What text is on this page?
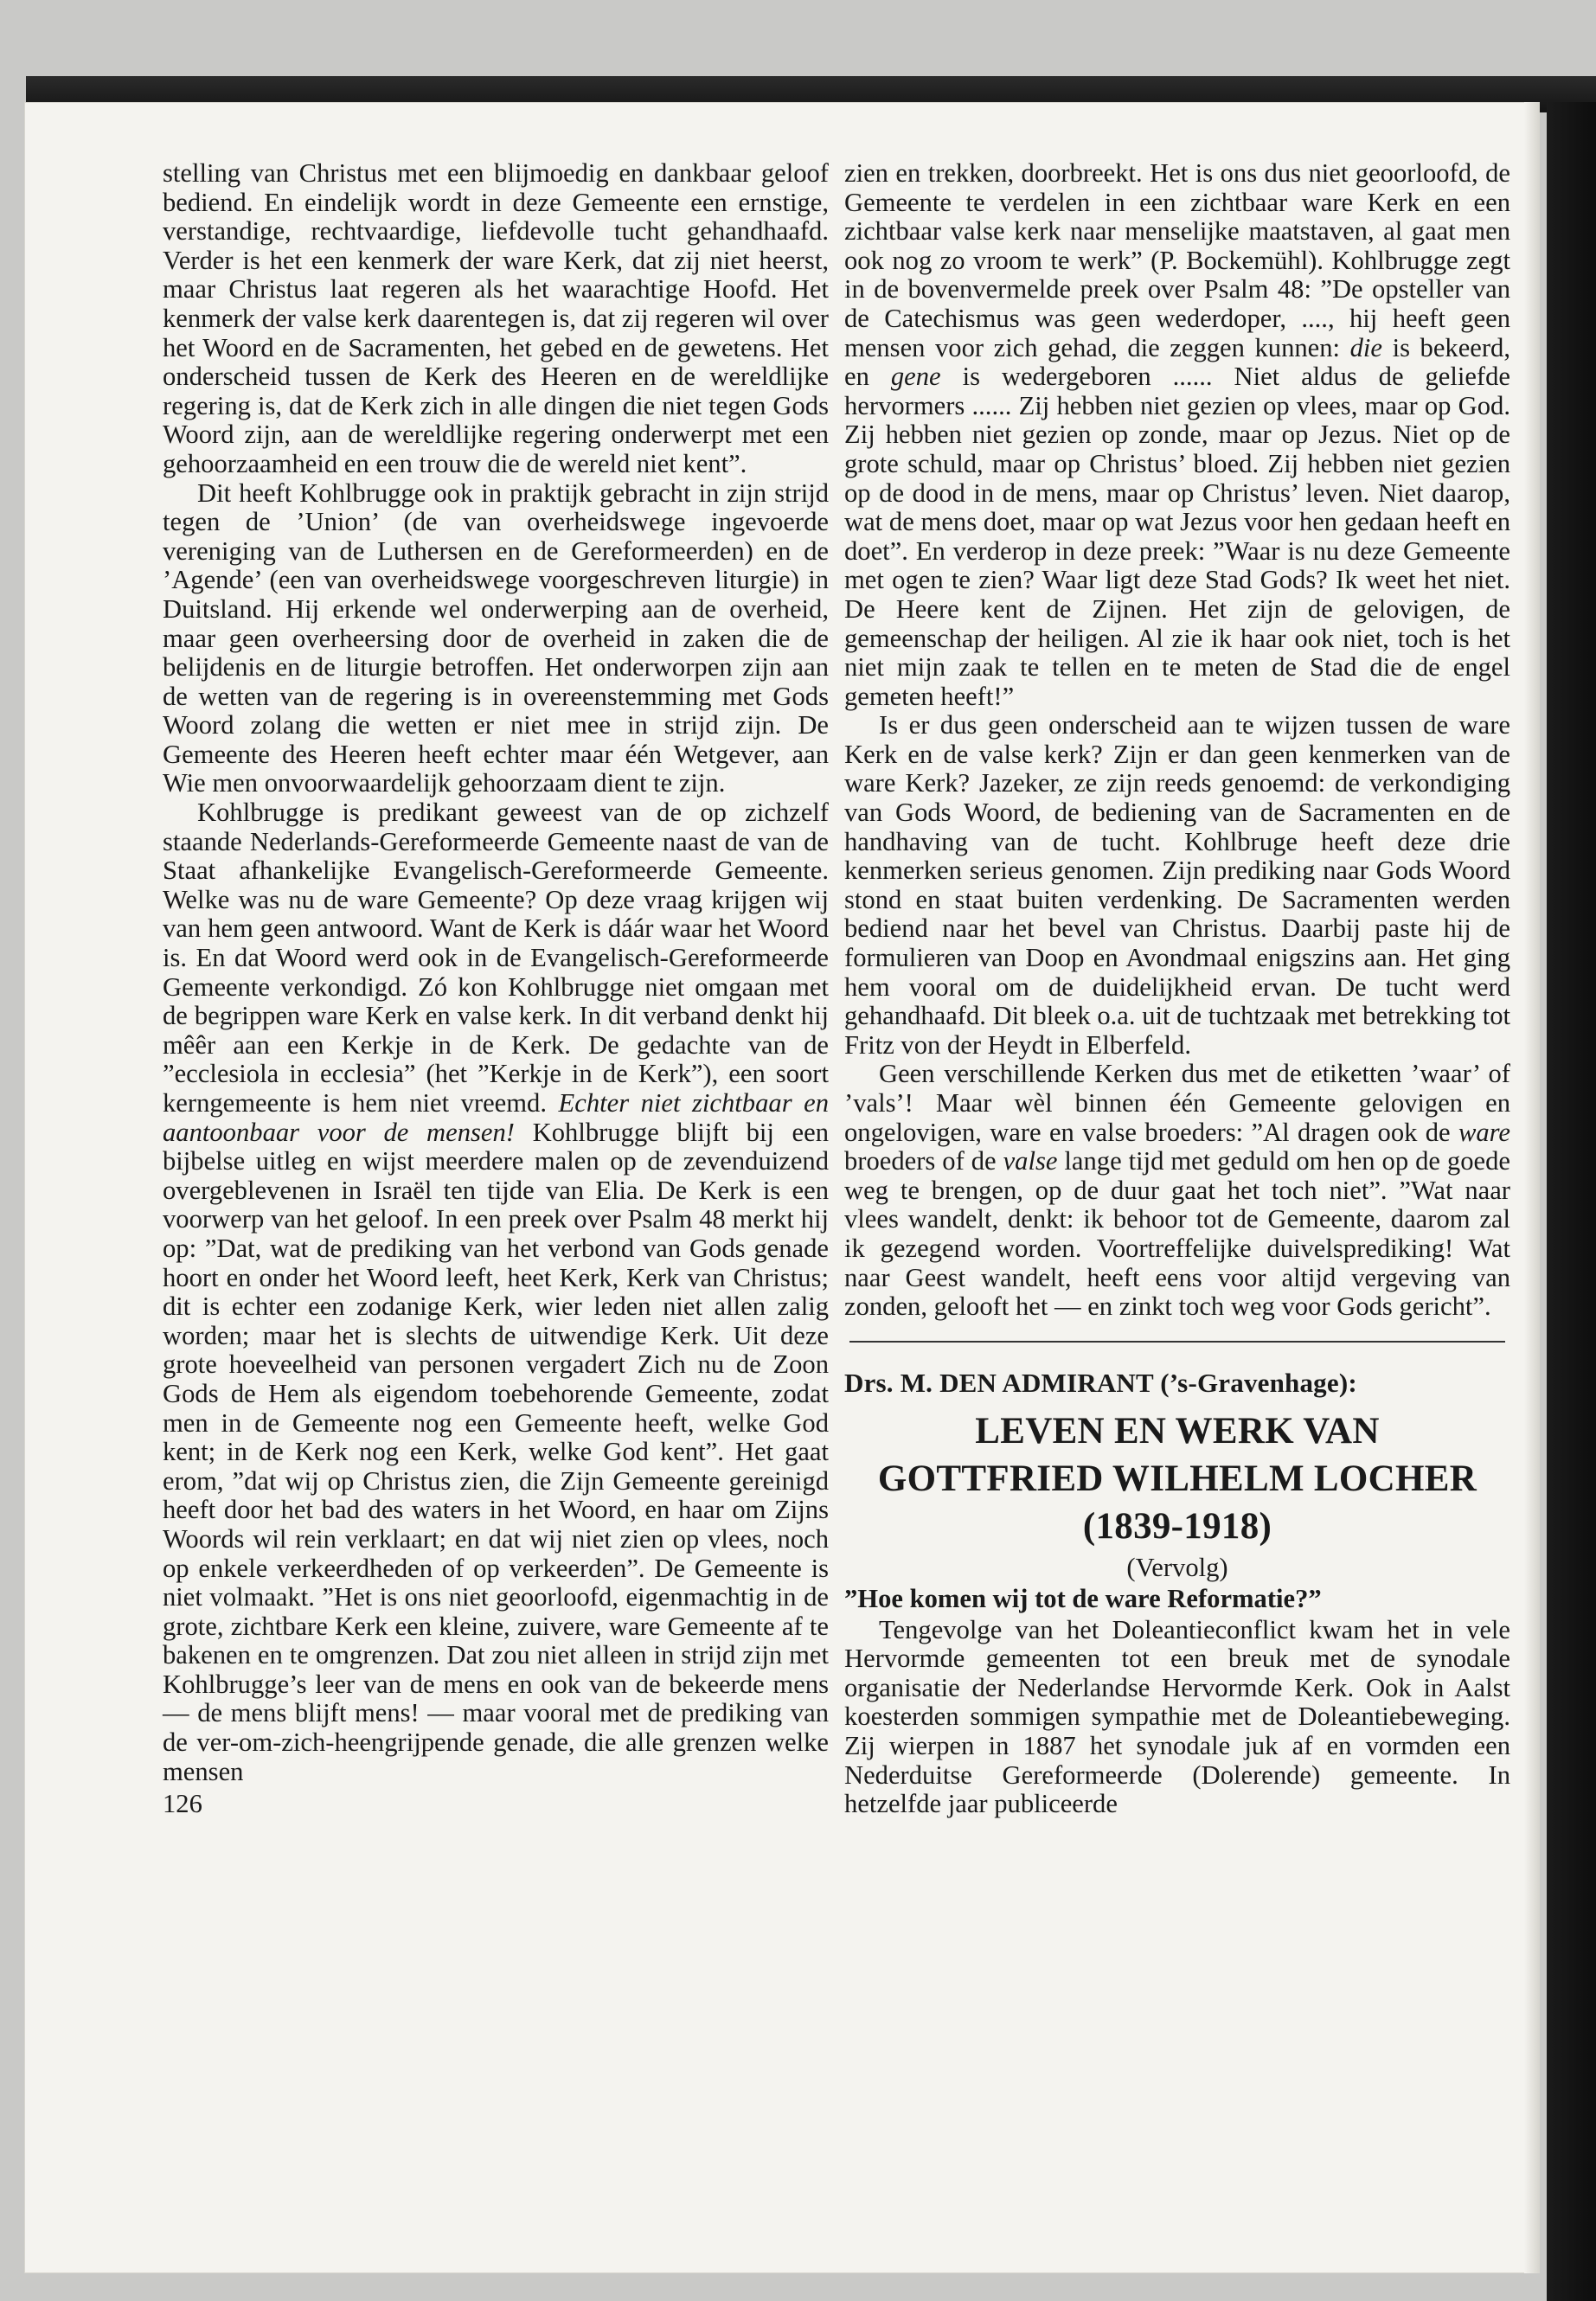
stelling van Christus met een blijmoedig en dankbaar geloof bediend. En eindelijk wordt in deze Gemeente een ernstige, verstandige, rechtvaardige, liefdevolle tucht gehandhaafd. Verder is het een kenmerk der ware Kerk, dat zij niet heerst, maar Christus laat regeren als het waarachtige Hoofd. Het kenmerk der valse kerk daarentegen is, dat zij regeren wil over het Woord en de Sacramenten, het gebed en de gewetens. Het onderscheid tussen de Kerk des Heeren en de wereldlijke regering is, dat de Kerk zich in alle dingen die niet tegen Gods Woord zijn, aan de wereldlijke regering onderwerpt met een gehoorzaamheid en een trouw die de wereld niet kent”.

Dit heeft Kohlbrugge ook in praktijk gebracht in zijn strijd tegen de ’Union’ (de van overheidswege ingevoerde vereniging van de Luthersen en de Gereformeerden) en de ’Agende’ (een van overheidswege voorgeschreven liturgie) in Duitsland. Hij erkende wel onderwerping aan de overheid, maar geen overheersing door de overheid in zaken die de belijdenis en de liturgie betroffen. Het onderworpen zijn aan de wetten van de regering is in overeenstemming met Gods Woord zolang die wetten er niet mee in strijd zijn. De Gemeente des Heeren heeft echter maar één Wetgever, aan Wie men onvoorwaardelijk gehoorzaam dient te zijn.

Kohlbrugge is predikant geweest van de op zichzelf staande Nederlands-Gereformeerde Gemeente naast de van de Staat afhankelijke Evangelisch-Gereformeerde Gemeente. Welke was nu de ware Gemeente? Op deze vraag krijgen wij van hem geen antwoord. Want de Kerk is dáár waar het Woord is. En dat Woord werd ook in de Evangelisch-Gereformeerde Gemeente verkondigd. Zó kon Kohlbrugge niet omgaan met de begrippen ware Kerk en valse kerk. In dit verband denkt hij mêêr aan een Kerkje in de Kerk. De gedachte van de ”ecclesiola in ecclesia” (het ”Kerkje in de Kerk”), een soort kerngemeente is hem niet vreemd. Echter niet zichtbaar en aantoonbaar voor de mensen! Kohlbrugge blijft bij een bijbelse uitleg en wijst meerdere malen op de zevenduizend overgeblevenen in Israël ten tijde van Elia. De Kerk is een voorwerp van het geloof. In een preek over Psalm 48 merkt hij op: ”Dat, wat de prediking van het verbond van Gods genade hoort en onder het Woord leeft, heet Kerk, Kerk van Christus; dit is echter een zodanige Kerk, wier leden niet allen zalig worden; maar het is slechts de uitwendige Kerk. Uit deze grote hoeveelheid van personen vergadert Zich nu de Zoon Gods de Hem als eigendom toebehorende Gemeente, zodat men in de Gemeente nog een Gemeente heeft, welke God kent; in de Kerk nog een Kerk, welke God kent”. Het gaat erom, ”dat wij op Christus zien, die Zijn Gemeente gereinigd heeft door het bad des waters in het Woord, en haar om Zijns Woords wil rein verklaart; en dat wij niet zien op vlees, noch op enkele verkeerdheden of op verkeerden”. De Gemeente is niet volmaakt. ”Het is ons niet geoorloofd, eigenmachtig in de grote, zichtbare Kerk een kleine, zuivere, ware Gemeente af te bakenen en te omgrenzen. Dat zou niet alleen in strijd zijn met Kohlbrugge’s leer van de mens en ook van de bekeerde mens — de mens blijft mens! — maar vooral met de prediking van de ver-om-zich-heengrijpende genade, die alle grenzen welke mensen

126

zien en trekken, doorbreekt. Het is ons dus niet geoorloofd, de Gemeente te verdelen in een zichtbaar ware Kerk en een zichtbaar valse kerk naar menselijke maatstaven, al gaat men ook nog zo vroom te werk” (P. Bockemühl). Kohlbrugge zegt in de bovenvermelde preek over Psalm 48: ”De opsteller van de Catechismus was geen wederdoper, ...., hij heeft geen mensen voor zich gehad, die zeggen kunnen: die is bekeerd, en gene is wedergeboren ...... Niet aldus de geliefde hervormers ...... Zij hebben niet gezien op vlees, maar op God. Zij hebben niet gezien op zonde, maar op Jezus. Niet op de grote schuld, maar op Christus’ bloed. Zij hebben niet gezien op de dood in de mens, maar op Christus’ leven. Niet daarop, wat de mens doet, maar op wat Jezus voor hen gedaan heeft en doet”. En verderop in deze preek: ”Waar is nu deze Gemeente met ogen te zien? Waar ligt deze Stad Gods? Ik weet het niet. De Heere kent de Zijnen. Het zijn de gelovigen, de gemeenschap der heiligen. Al zie ik haar ook niet, toch is het niet mijn zaak te tellen en te meten de Stad die de engel gemeten heeft!”

Is er dus geen onderscheid aan te wijzen tussen de ware Kerk en de valse kerk? Zijn er dan geen kenmerken van de ware Kerk? Jazeker, ze zijn reeds genoemd: de verkondiging van Gods Woord, de bediening van de Sacramenten en de handhaving van de tucht. Kohlbruge heeft deze drie kenmerken serieus genomen. Zijn prediking naar Gods Woord stond en staat buiten verdenking. De Sacramenten werden bediend naar het bevel van Christus. Daarbij paste hij de formulieren van Doop en Avondmaal enigszins aan. Het ging hem vooral om de duidelijkheid ervan. De tucht werd gehandhaafd. Dit bleek o.a. uit de tuchtzaak met betrekking tot Fritz von der Heydt in Elberfeld.

Geen verschillende Kerken dus met de etiketten ’waar’ of ’vals’! Maar wèl binnen één Gemeente gelovigen en ongelovigen, ware en valse broeders: ”Al dragen ook de ware broeders of de valse lange tijd met geduld om hen op de goede weg te brengen, op de duur gaat het toch niet”. ”Wat naar vlees wandelt, denkt: ik behoor tot de Gemeente, daarom zal ik gezegend worden. Voortreffelijke duivelsprediking! Wat naar Geest wandelt, heeft eens voor altijd vergeving van zonden, gelooft het — en zinkt toch weg voor Gods gericht”.

Drs. M. DEN ADMIRANT (’s-Gravenhage):

LEVEN EN WERK VAN
GOTTFRIED WILHELM LOCHER
(1839-1918)

(Vervolg)

”Hoe komen wij tot de ware Reformatie?”

Tengevolge van het Doleantieconflict kwam het in vele Hervormde gemeenten tot een breuk met de synodale organisatie der Nederlandse Hervormde Kerk. Ook in Aalst koesterden sommigen sympathie met de Doleantiebeweging. Zij wierpen in 1887 het synodale juk af en vormden een Nederduitse Gereformeerde (Dolerende) gemeente. In hetzelfde jaar publiceerde
